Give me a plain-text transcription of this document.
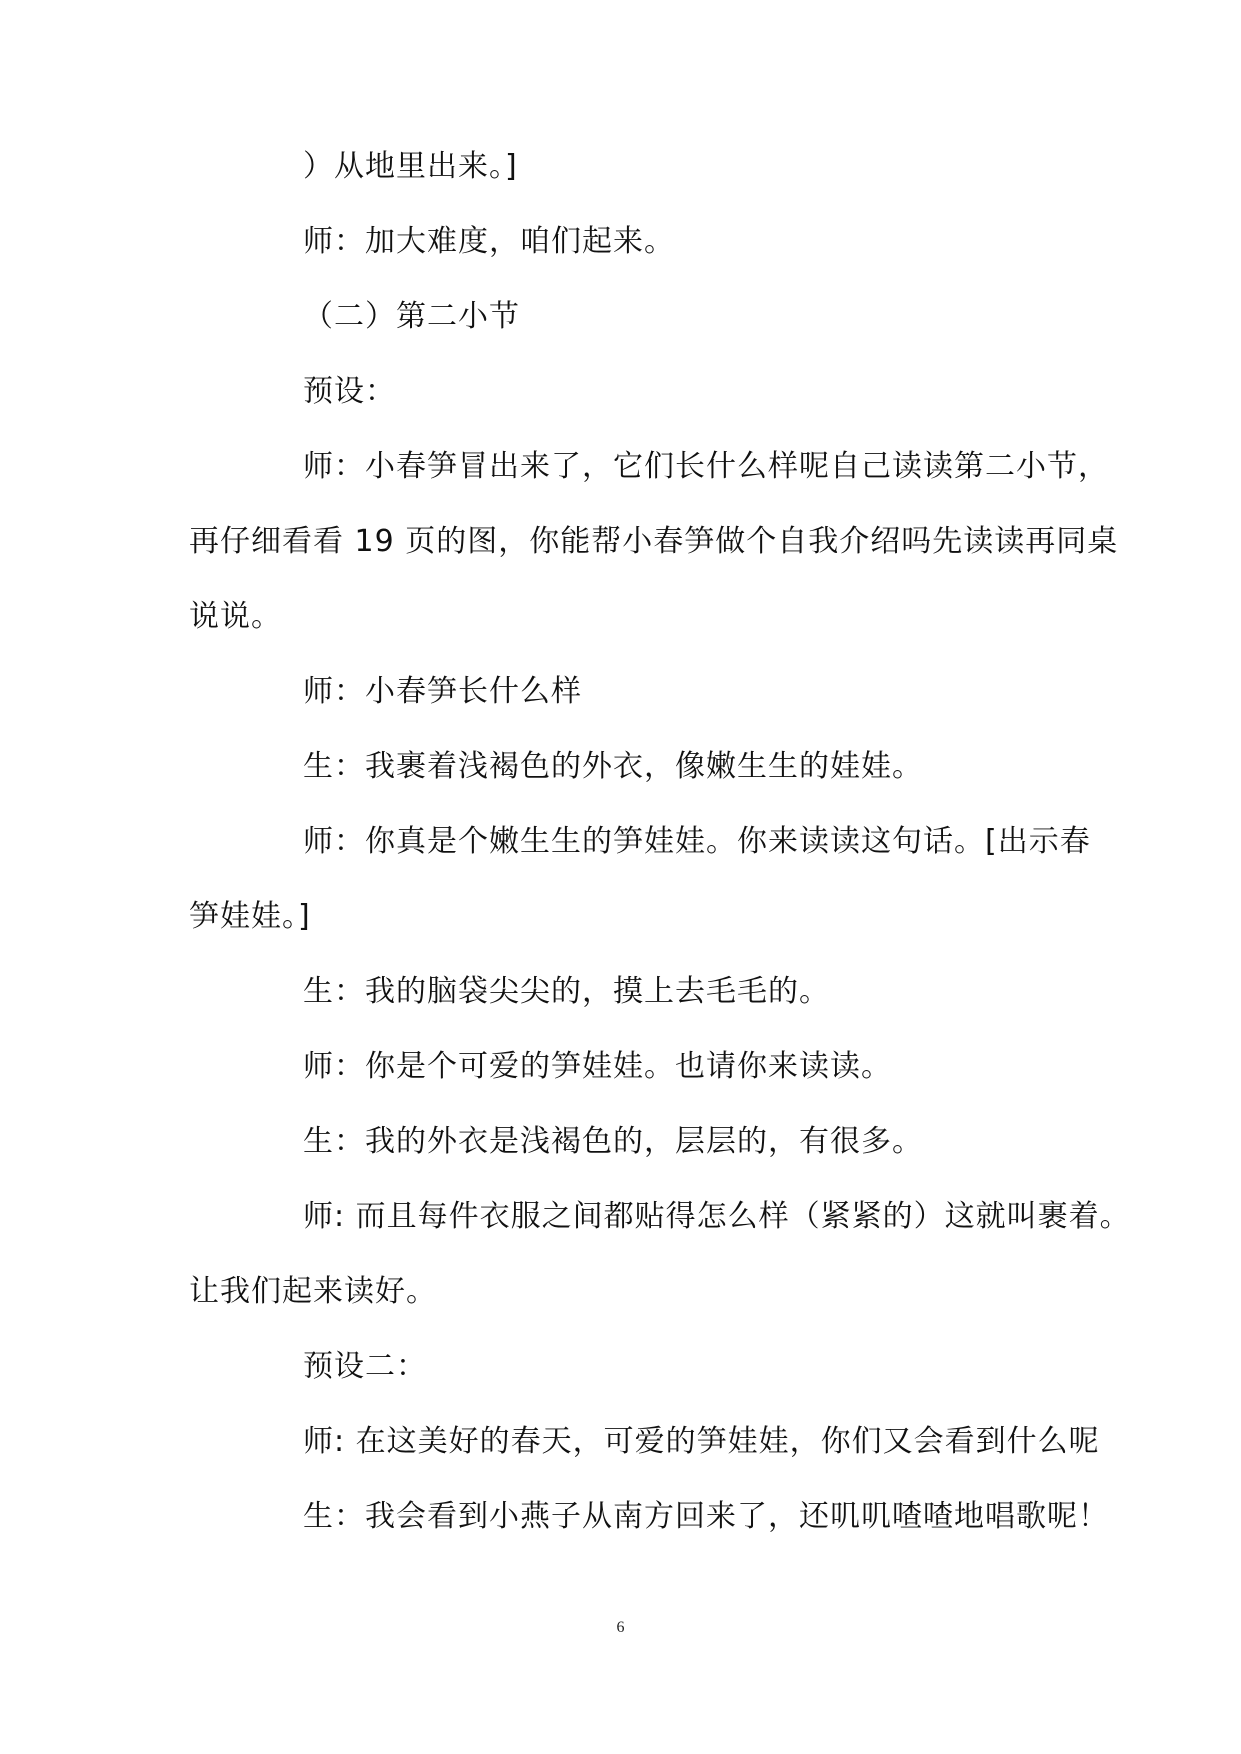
）从地里出来。]
师：加大难度，咱们起来。
（二）第二小节
预设：
师：小春笋冒出来了，它们长什么样呢自己读读第二小节，
再仔细看看 19 页的图，你能帮小春笋做个自我介绍吗先读读再同桌
说说。
师：小春笋长什么样
生：我裹着浅褐色的外衣，像嫩生生的娃娃。
师：你真是个嫩生生的笋娃娃。你来读读这句话。[出示春
笋娃娃。]
生：我的脑袋尖尖的，摸上去毛毛的。
师：你是个可爱的笋娃娃。也请你来读读。
生：我的外衣是浅褐色的，层层的，有很多。
师: 而且每件衣服之间都贴得怎么样（紧紧的）这就叫裹着。
让我们起来读好。
预设二：
师: 在这美好的春天，可爱的笋娃娃，你们又会看到什么呢
生：我会看到小燕子从南方回来了，还叽叽喳喳地唱歌呢！
6
